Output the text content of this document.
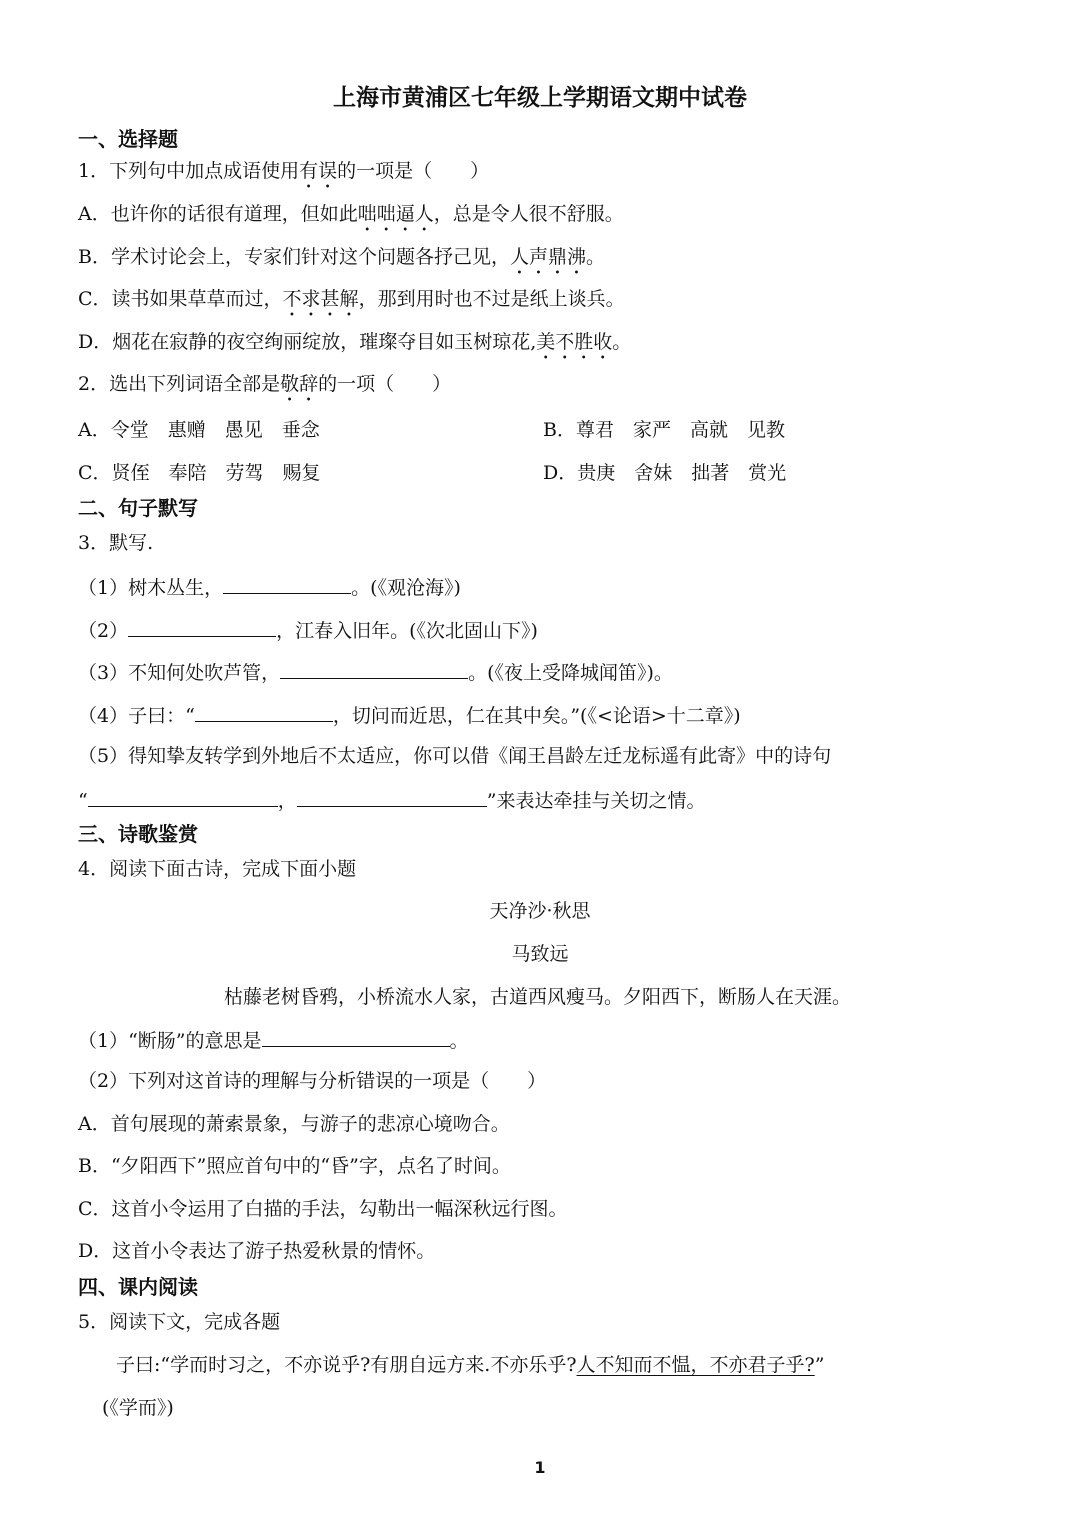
上海市黄浦区七年级上学期语文期中试卷
一、选择题
1．下列句中加点成语使用有误的一项是（　　）
A．也许你的话很有道理，但如此咄咄逼人，总是令人很不舒服。
B．学术讨论会上，专家们针对这个问题各抒己见，人声鼎沸。
C．读书如果草草而过，不求甚解，那到用时也不过是纸上谈兵。
D．烟花在寂静的夜空绚丽绽放，璀璨夺目如玉树琼花,美不胜收。
2．选出下列词语全部是敬辞的一项（　　）
A．令堂　惠赠　愚见　垂念	B．尊君　家严　高就　见教
C．贤侄　奉陪　劳驾　赐复	D．贵庚　舍妹　拙著　赏光
二、句子默写
3．默写.
（1）树木丛生，	。(《观沧海》)
（2）	，江春入旧年。(《次北固山下》)
（3）不知何处吹芦管，	。(《夜上受降城闻笛》)。
（4）子曰：“	，切问而近思，仁在其中矣。”(《<论语>十二章》)
（5）得知挚友转学到外地后不太适应，你可以借《闻王昌龄左迁龙标遥有此寄》中的诗句
“	，	”来表达牵挂与关切之情。
三、诗歌鉴赏
4．阅读下面古诗，完成下面小题
天净沙·秋思
马致远
枯藤老树昏鸦，小桥流水人家，古道西风瘦马。夕阳西下，断肠人在天涯。
（1）“断肠”的意思是	。
（2）下列对这首诗的理解与分析错误的一项是（　　）
A．首句展现的萧索景象，与游子的悲凉心境吻合。
B．“夕阳西下”照应首句中的“昏”字，点名了时间。
C．这首小令运用了白描的手法，勾勒出一幅深秋远行图。
D．这首小令表达了游子热爱秋景的情怀。
四、课内阅读
5．阅读下文，完成各题
子曰:“学而时习之，不亦说乎?有朋自远方来.不亦乐乎?人不知而不愠，不亦君子乎?”
(《学而》)
1
